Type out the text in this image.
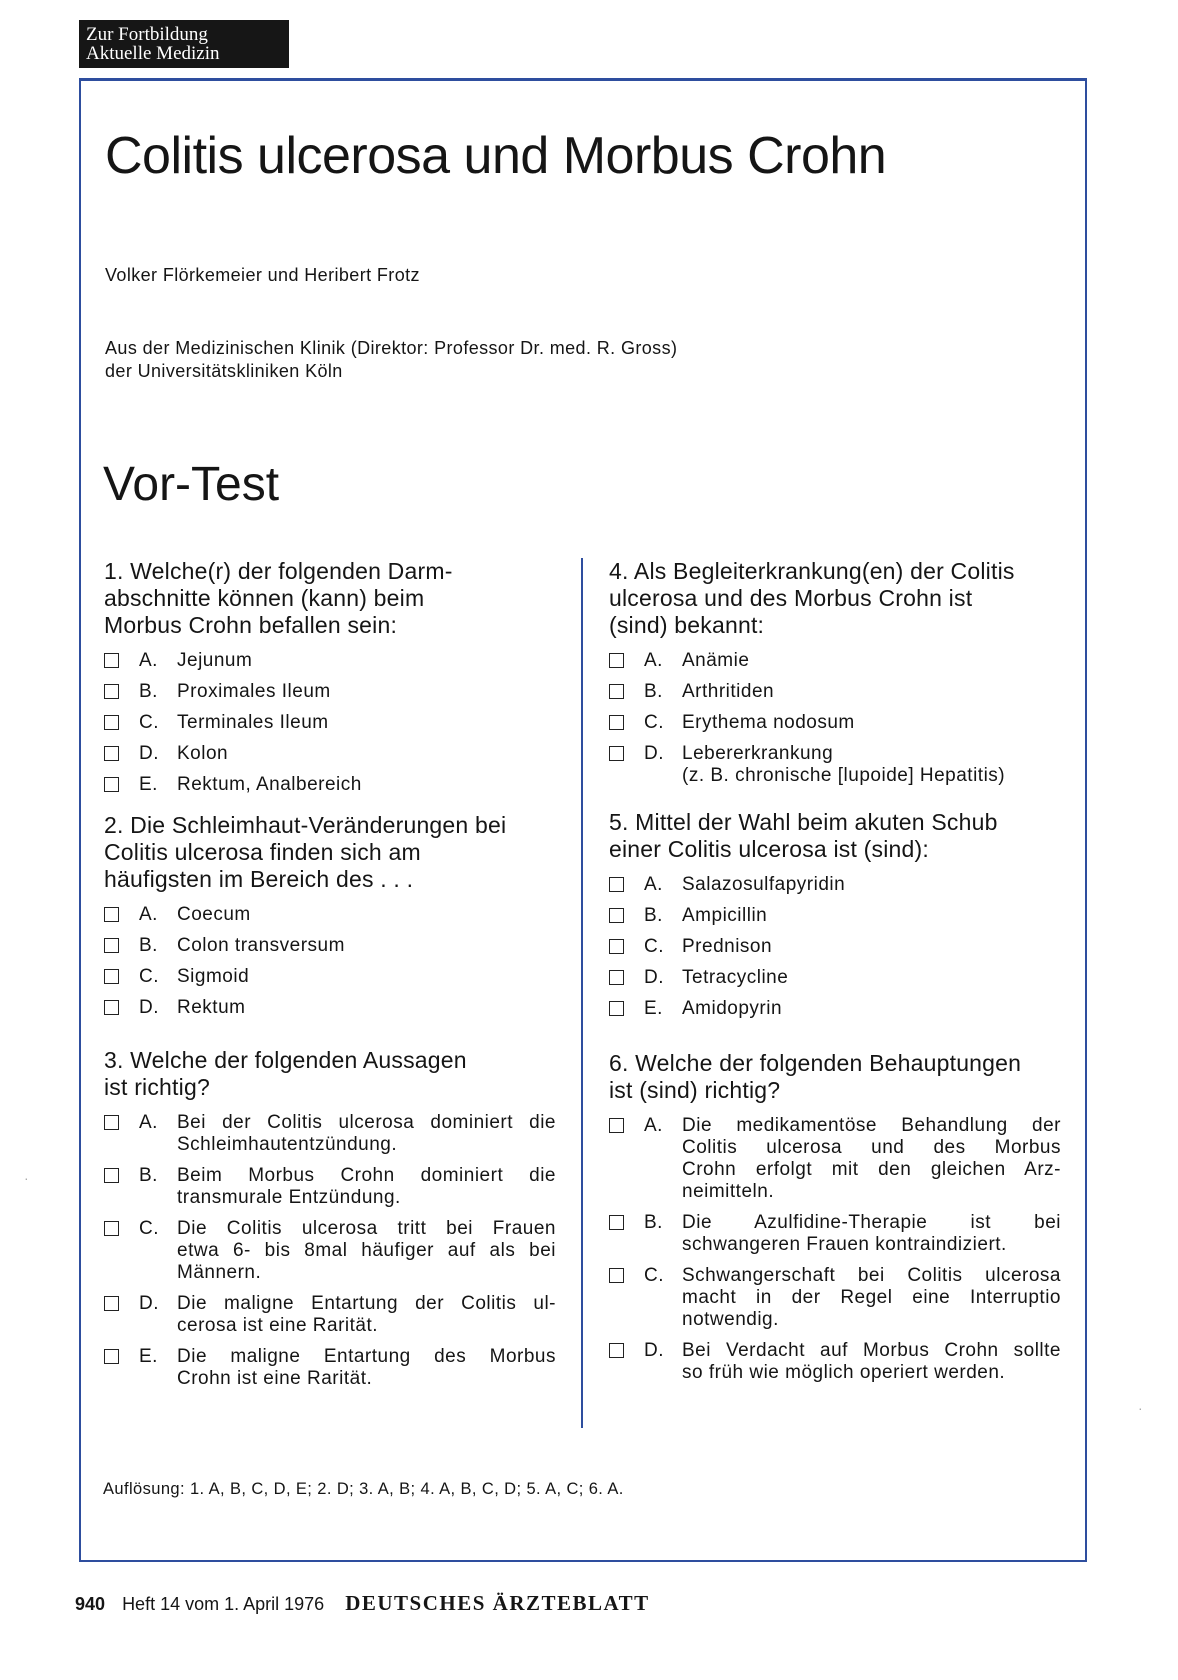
Zur Fortbildung
Aktuelle Medizin
Colitis ulcerosa und Morbus Crohn
Volker Flörkemeier und Heribert Frotz
Aus der Medizinischen Klinik (Direktor: Professor Dr. med. R. Gross)
der Universitätskliniken Köln
Vor-Test
1. Welche(r) der folgenden Darm-
abschnitte können (kann) beim
Morbus Crohn befallen sein:
A.	Jejunum
B.	Proximales Ileum
C. Terminales Ileum
D. Kolon
E.	Rektum, Analbereich
2. Die Schleimhaut-Veränderungen bei
Colitis ulcerosa finden sich am
häufigsten im Bereich des . . .
A.	Coecum
B.	Colon transversum
C. Sigmoid
D. Rektum
3. Welche der folgenden Aussagen
ist richtig?
A.	Bei der Colitis ulcerosa dominiert die
Schleimhautentzündung.
B.	Beim Morbus Crohn dominiert die
transmurale Entzündung.
C. Die Colitis ulcerosa tritt bei Frauen
etwa 6- bis 8mal häufiger auf als bei
Männern.
D. Die maligne Entartung der Colitis ul-
cerosa ist eine Rarität.
E.	Die maligne Entartung des Morbus
Crohn ist eine Rarität.
4. Als Begleiterkrankung(en) der Colitis
ulcerosa und des Morbus Crohn ist
(sind) bekannt:
A.	Anämie
B.	Arthritiden
C. Erythema nodosum
D. Lebererkrankung
(z. B. chronische [lupoide] Hepatitis)
5. Mittel der Wahl beim akuten Schub
einer Colitis ulcerosa ist (sind):
A.	Salazosulfapyridin
B.	Ampicillin
C. Prednison
D. Tetracycline
E.	Amidopyrin
6. Welche der folgenden Behauptungen
ist (sind) richtig?
A.	Die medikamentöse Behandlung der
Colitis ulcerosa und des Morbus
Crohn erfolgt mit den gleichen Arz-
neimitteln.
B.	Die Azulfidine-Therapie ist bei
schwangeren Frauen kontraindiziert.
C. Schwangerschaft bei Colitis ulcerosa
macht in der Regel eine Interruptio
notwendig.
D. Bei Verdacht auf Morbus Crohn sollte
so früh wie möglich operiert werden.
Auflösung: 1. A, B, C, D, E; 2. D; 3. A, B; 4. A, B, C, D; 5. A, C; 6. A.
940 Heft 14 vom 1. April 1976 DEUTSCHES ÄRZTEBLATT
·
·
